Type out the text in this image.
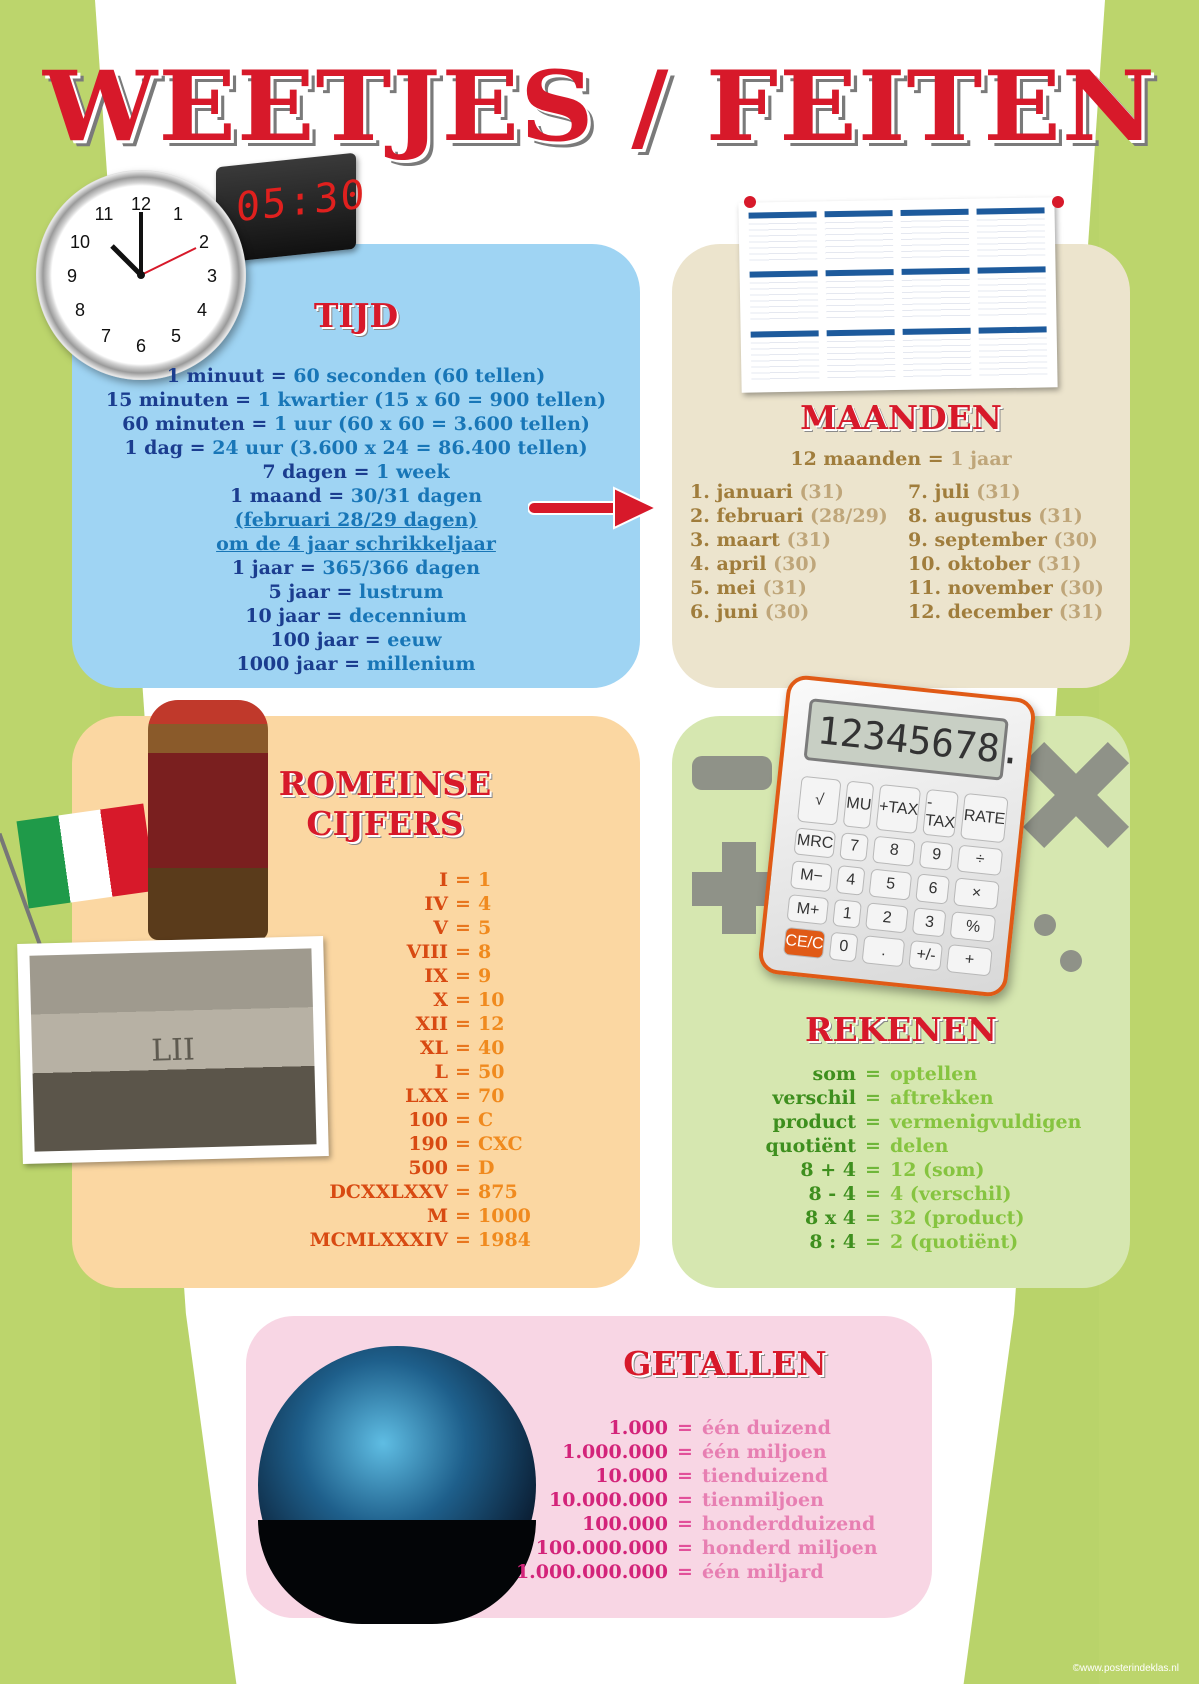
WEETJES / FEITEN
05:30
12 1
2
3
4
5
6
7
8
9
10
11
TIJD
1 minuut = 60 seconden (60 tellen)
15 minuten = 1 kwartier (15 x 60 = 900 tellen)
60 minuten = 1 uur (60 x 60 = 3.600 tellen)
1 dag = 24 uur (3.600 x 24 = 86.400 tellen)
7 dagen = 1 week
1 maand = 30/31 dagen
(februari 28/29 dagen)
om de 4 jaar schrikkeljaar
1 jaar = 365/366 dagen
5 jaar = lustrum
10 jaar = decennium
100 jaar = eeuw
1000 jaar = millenium
MAANDEN
12 maanden = 1 jaar
1. januari (31)
2. februari (28/29)
3. maart (31)
4. april (30)
5. mei (31)
6. juni (30)
7. juli (31)
8. augustus (31)
9. september (30)
10. oktober (31)
11. november (30)
12. december (31)
LII
ROMEINSE
CIJFERS
I = 1
IV = 4
V = 5
VIII = 8
IX = 9
X = 10
XII = 12
XL = 40
L = 50
LXX = 70
100 = C
190 = CXC
500 = D
DCXXLXXV = 875
M = 1000
MCMLXXXIV = 1984
12345678.
√	MU +TAX -TAX RATE
MRC 7	8	9	÷
M−	4	5	6	×
M+	1	2	3	%
CE/C 0	.	+/-	+
REKENEN
som = optellen
verschil = aftrekken
product = vermenigvuldigen
quotiënt = delen
8 + 4 = 12 (som)
8 - 4 = 4 (verschil)
8 x 4 = 32 (product)
8 : 4 = 2 (quotiënt)
GETALLEN
1.000 = één duizend
1.000.000 = één miljoen
10.000 = tienduizend
10.000.000 = tienmiljoen
100.000 = honderdduizend
100.000.000 = honderd miljoen
1.000.000.000 = één miljard
©www.posterindeklas.nl
